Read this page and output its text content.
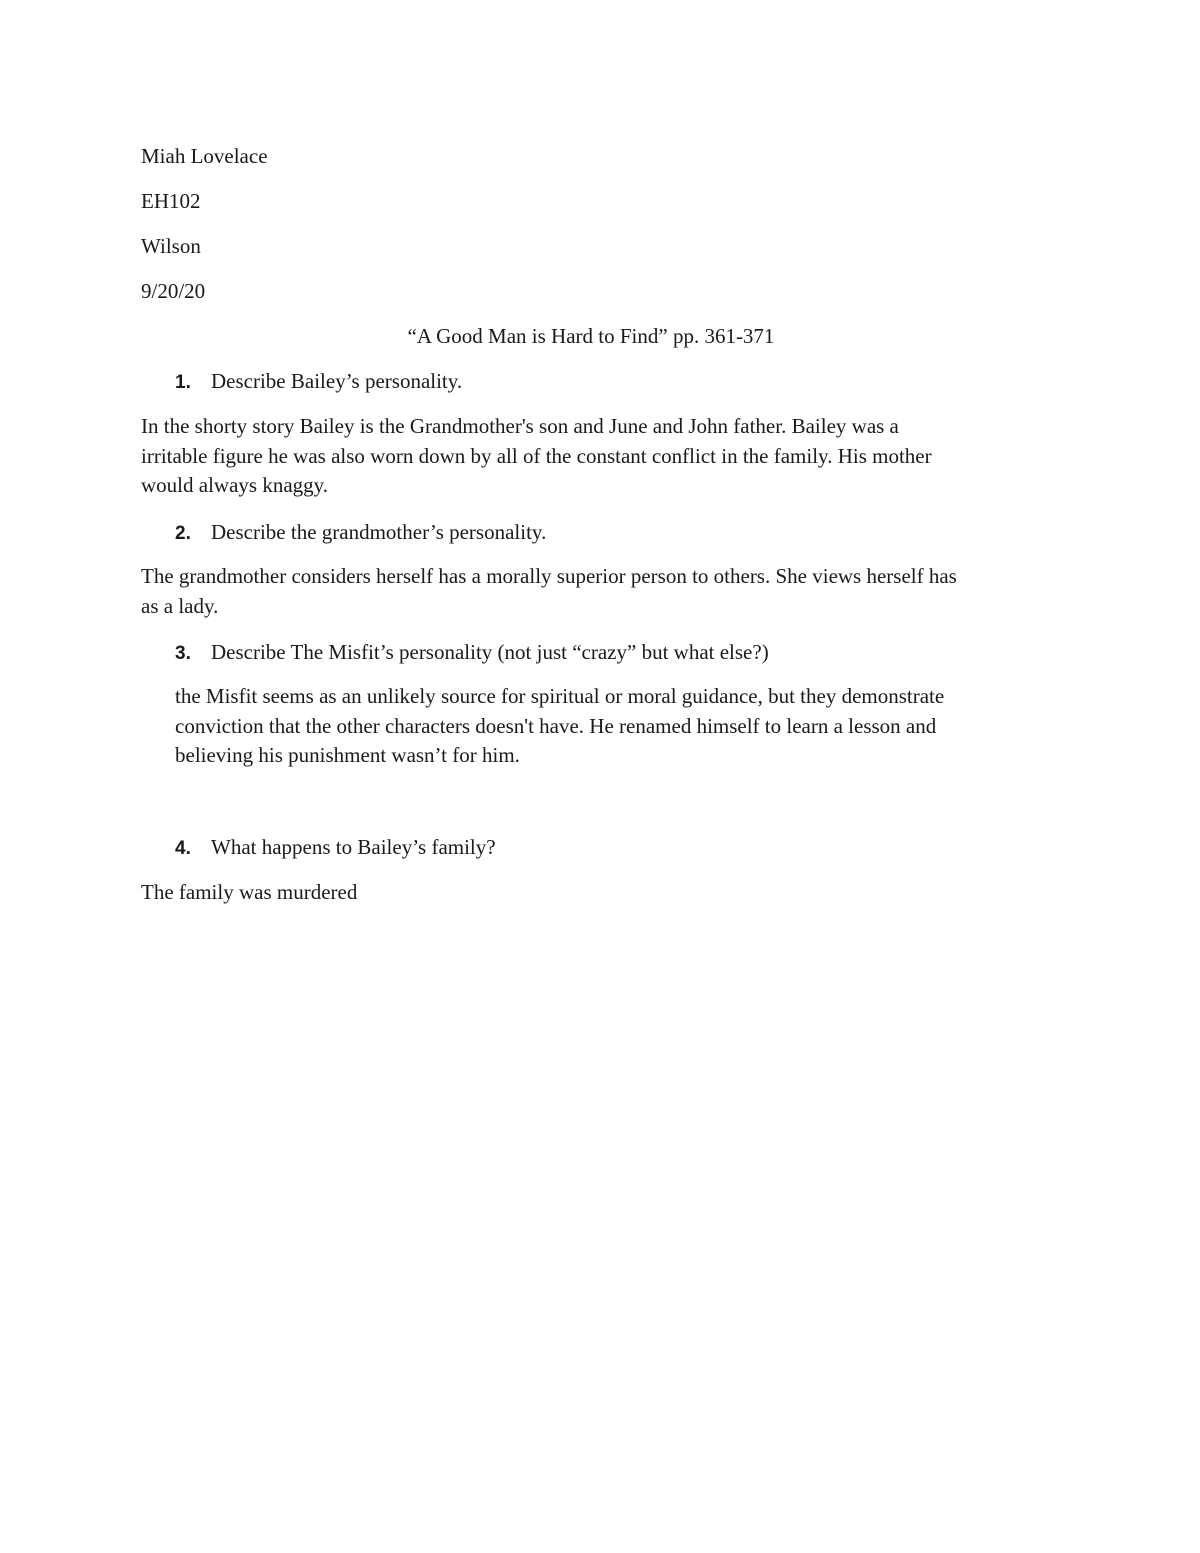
Miah Lovelace

EH102

Wilson

9/20/20

“A Good Man is Hard to Find” pp. 361-371
1. Describe Bailey’s personality.
In the shorty story Bailey is the Grandmother's son and June and John father. Bailey was a
irritable figure he was also worn down by all of the constant conflict in the family. His mother
would always knaggy.
2. Describe the grandmother’s personality.
The grandmother considers herself has a morally superior person to others. She views herself has
as a lady.
3. Describe The Misfit’s personality (not just “crazy” but what else?)
the Misfit seems as an unlikely source for spiritual or moral guidance, but they demonstrate
conviction that the other characters doesn't have. He renamed himself to learn a lesson and
believing his punishment wasn’t for him.
4. What happens to Bailey’s family?
The family was murdered
